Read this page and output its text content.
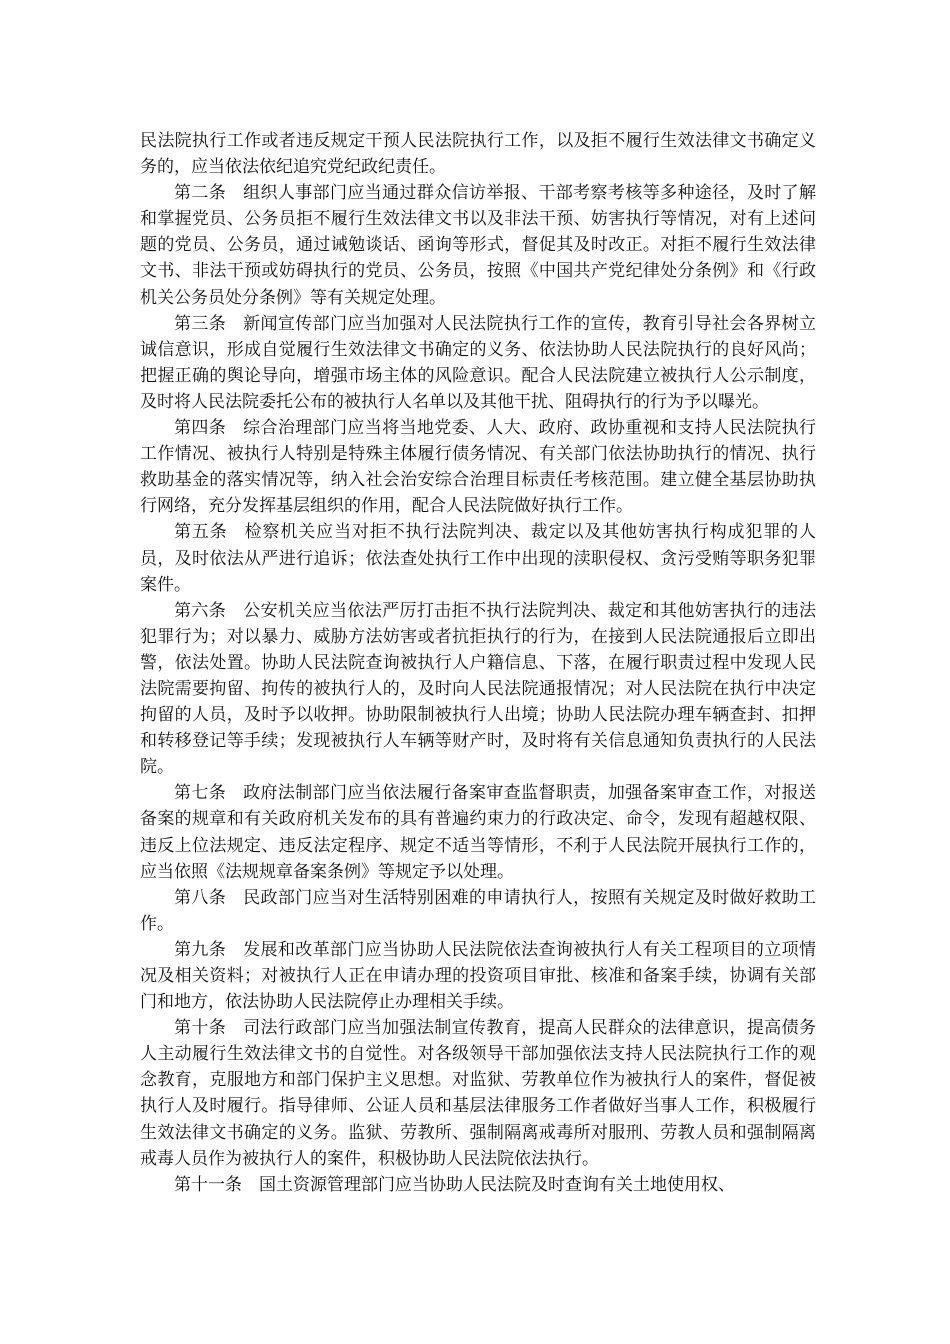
民法院执行工作或者违反规定干预人民法院执行工作，以及拒不履行生效法律文书确定义务的，应当依法依纪追究党纪政纪责任。

第二条 组织人事部门应当通过群众信访举报、干部考察考核等多种途径，及时了解和掌握党员、公务员拒不履行生效法律文书以及非法干预、妨害执行等情况，对有上述问题的党员、公务员，通过诫勉谈话、函询等形式，督促其及时改正。对拒不履行生效法律文书、非法干预或妨碍执行的党员、公务员，按照《中国共产党纪律处分条例》和《行政机关公务员处分条例》等有关规定处理。

第三条 新闻宣传部门应当加强对人民法院执行工作的宣传，教育引导社会各界树立诚信意识，形成自觉履行生效法律文书确定的义务、依法协助人民法院执行的良好风尚；把握正确的舆论导向，增强市场主体的风险意识。配合人民法院建立被执行人公示制度，及时将人民法院委托公布的被执行人名单以及其他干扰、阻碍执行的行为予以曝光。

第四条 综合治理部门应当将当地党委、人大、政府、政协重视和支持人民法院执行工作情况、被执行人特别是特殊主体履行债务情况、有关部门依法协助执行的情况、执行救助基金的落实情况等，纳入社会治安综合治理目标责任考核范围。建立健全基层协助执行网络，充分发挥基层组织的作用，配合人民法院做好执行工作。

第五条 检察机关应当对拒不执行法院判决、裁定以及其他妨害执行构成犯罪的人员，及时依法从严进行追诉；依法查处执行工作中出现的渎职侵权、贪污受贿等职务犯罪案件。

第六条 公安机关应当依法严厉打击拒不执行法院判决、裁定和其他妨害执行的违法犯罪行为；对以暴力、威胁方法妨害或者抗拒执行的行为，在接到人民法院通报后立即出警，依法处置。协助人民法院查询被执行人户籍信息、下落，在履行职责过程中发现人民法院需要拘留、拘传的被执行人的，及时向人民法院通报情况；对人民法院在执行中决定拘留的人员，及时予以收押。协助限制被执行人出境；协助人民法院办理车辆查封、扣押和转移登记等手续；发现被执行人车辆等财产时，及时将有关信息通知负责执行的人民法院。

第七条 政府法制部门应当依法履行备案审查监督职责，加强备案审查工作，对报送备案的规章和有关政府机关发布的具有普遍约束力的行政决定、命令，发现有超越权限、违反上位法规定、违反法定程序、规定不适当等情形，不利于人民法院开展执行工作的，应当依照《法规规章备案条例》等规定予以处理。

第八条 民政部门应当对生活特别困难的申请执行人，按照有关规定及时做好救助工作。

第九条 发展和改革部门应当协助人民法院依法查询被执行人有关工程项目的立项情况及相关资料；对被执行人正在申请办理的投资项目审批、核准和备案手续，协调有关部门和地方，依法协助人民法院停止办理相关手续。

第十条 司法行政部门应当加强法制宣传教育，提高人民群众的法律意识，提高债务人主动履行生效法律文书的自觉性。对各级领导干部加强依法支持人民法院执行工作的观念教育，克服地方和部门保护主义思想。对监狱、劳教单位作为被执行人的案件，督促被执行人及时履行。指导律师、公证人员和基层法律服务工作者做好当事人工作，积极履行生效法律文书确定的义务。监狱、劳教所、强制隔离戒毒所对服刑、劳教人员和强制隔离戒毒人员作为被执行人的案件，积极协助人民法院依法执行。

第十一条 国土资源管理部门应当协助人民法院及时查询有关土地使用权、
